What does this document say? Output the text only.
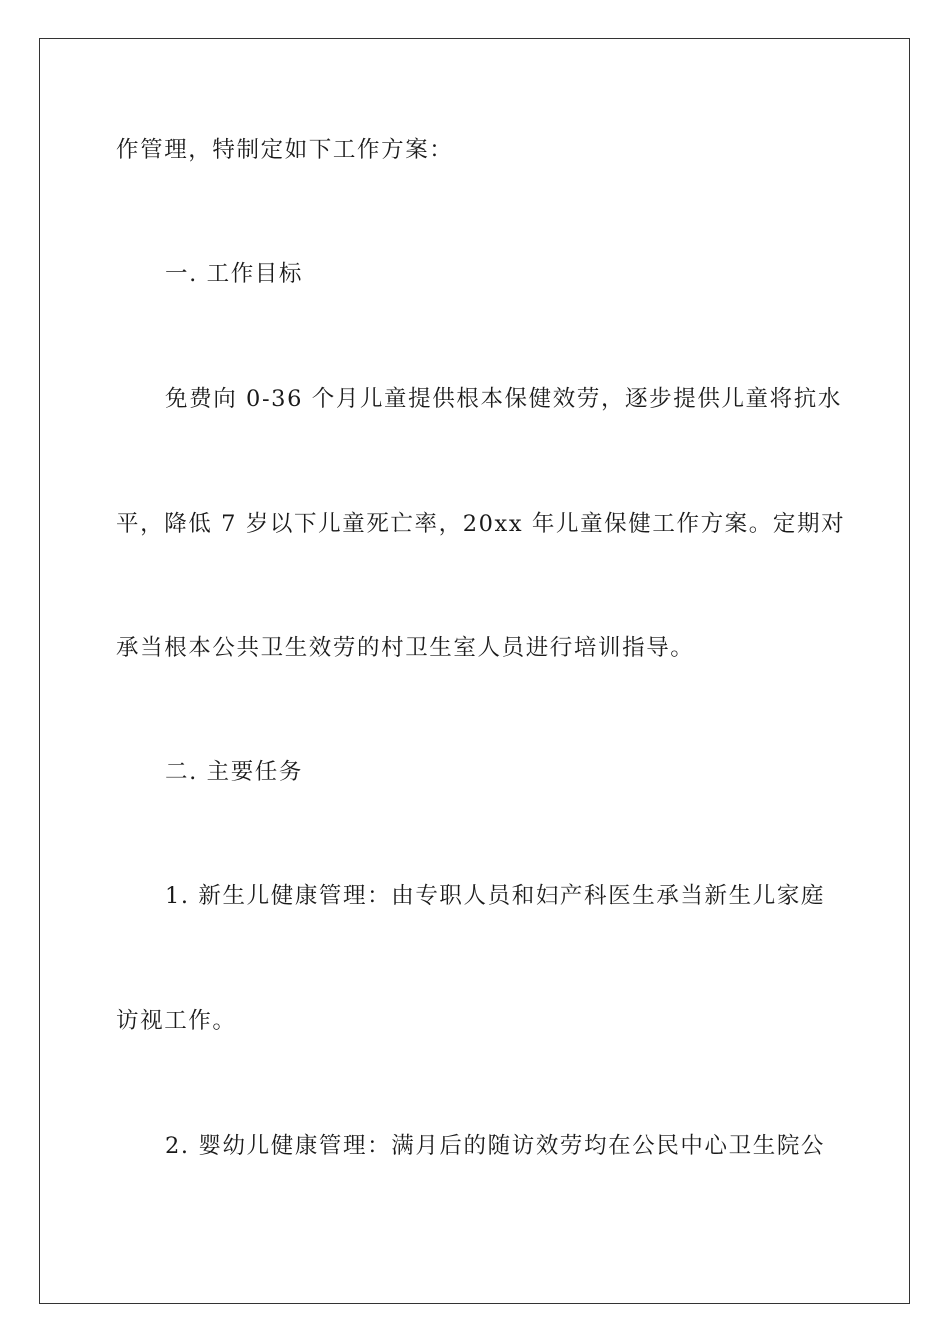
作管理，特制定如下工作方案：
一. 工作目标
免费向 0-36 个月儿童提供根本保健效劳，逐步提供儿童将抗水
平，降低 7 岁以下儿童死亡率，20xx 年儿童保健工作方案。定期对
承当根本公共卫生效劳的村卫生室人员进行培训指导。
二. 主要任务
1. 新生儿健康管理：由专职人员和妇产科医生承当新生儿家庭
访视工作。
2. 婴幼儿健康管理：满月后的随访效劳均在公民中心卫生院公
